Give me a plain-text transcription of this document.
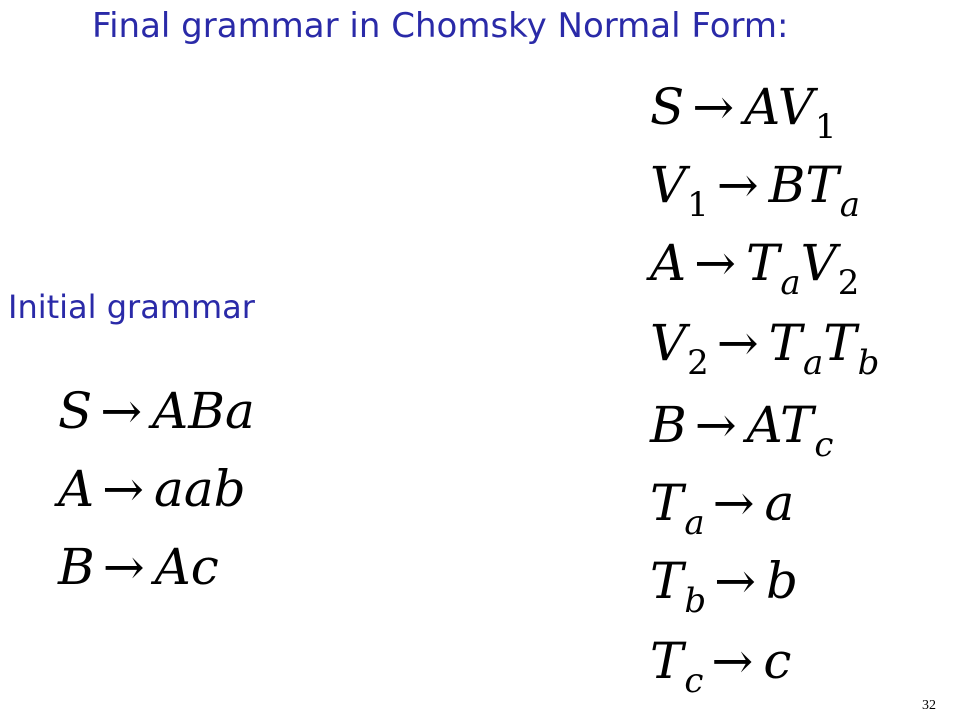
Final grammar in Chomsky Normal Form:
$S \to AV_1$
$V_1 \to BT_a$
$A \to T_aV_2$
$V_2 \to T_aT_b$
$B \to AT_c$
$T_a \to a$
$T_b \to b$
$T_c \to c$
Initial grammar
S → ABa
A → aab
B → Ac
32
